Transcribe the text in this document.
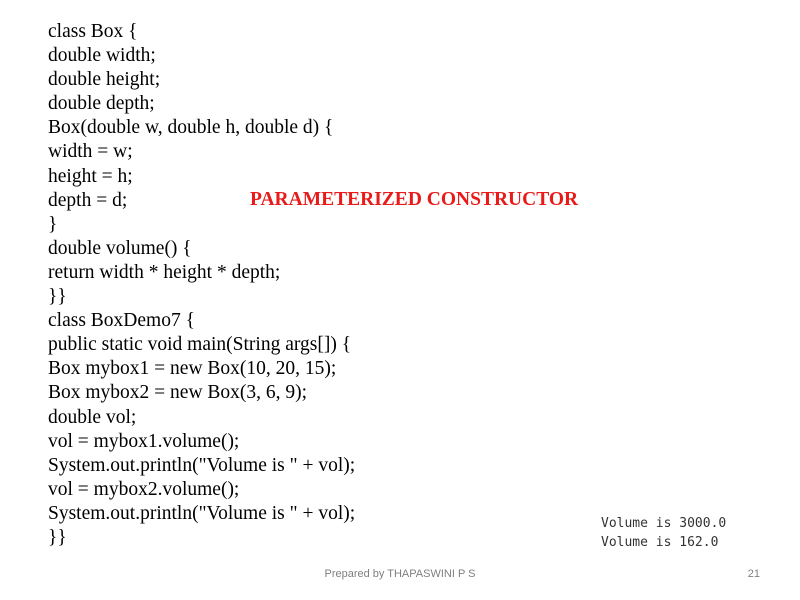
class Box {
double width;
double height;
double depth;
Box(double w, double h, double d) {
width = w;
height = h;
depth = d;
}
double volume() {
return width * height * depth;
}}
class BoxDemo7 {
public static void main(String args[]) {
Box mybox1 = new Box(10, 20, 15);
Box mybox2 = new Box(3, 6, 9);
double vol;
vol = mybox1.volume();
System.out.println("Volume is " + vol);
vol = mybox2.volume();
System.out.println("Volume is " + vol);
}}
PARAMETERIZED CONSTRUCTOR
Volume is 3000.0
Volume is 162.0
Prepared by THAPASWINI P S	21
